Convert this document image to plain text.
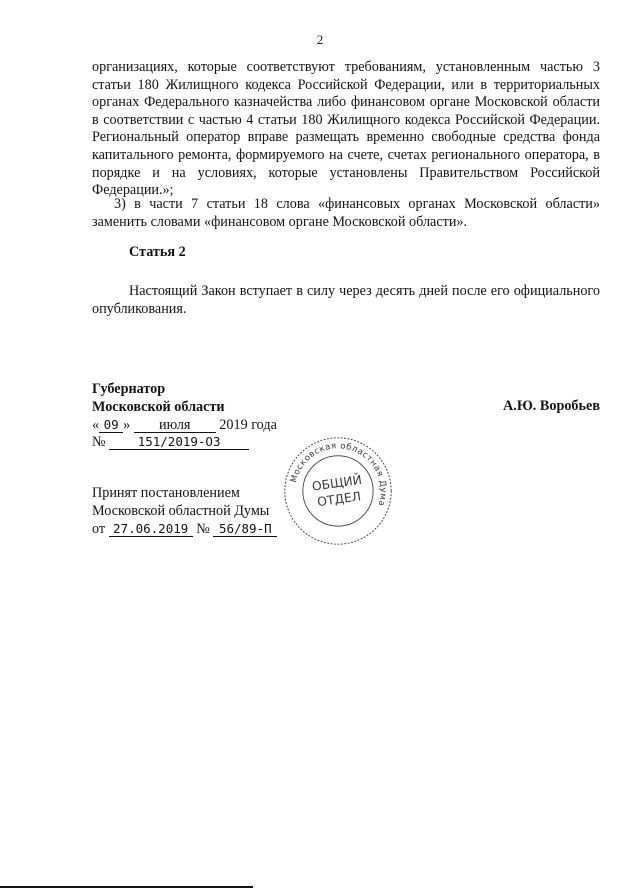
2

организациях, которые соответствуют требованиям, установленным частью 3 статьи 180 Жилищного кодекса Российской Федерации, или в территориальных органах Федерального казначейства либо финансовом органе Московской области в соответствии с частью 4 статьи 180 Жилищного кодекса Российской Федерации. Региональный оператор вправе размещать временно свободные средства фонда капитального ремонта, формируемого на счете, счетах регионального оператора, в порядке и на условиях, которые установлены Правительством Российской Федерации.»;

3) в части 7 статьи 18 слова «финансовых органах Московской области» заменить словами «финансовом органе Московской области».

Статья 2

Настоящий Закон вступает в силу через десять дней после его официального опубликования.

Губернатор
Московской области	А.Ю. Воробьев
« 09 » июля 2019 года
№	151/2019-ОЗ
Принят постановлением
Московской областной Думы
от 27.06.2019 № 56/89-П
Московская областная Дума
ОБЩИЙ
ОТДЕЛ
